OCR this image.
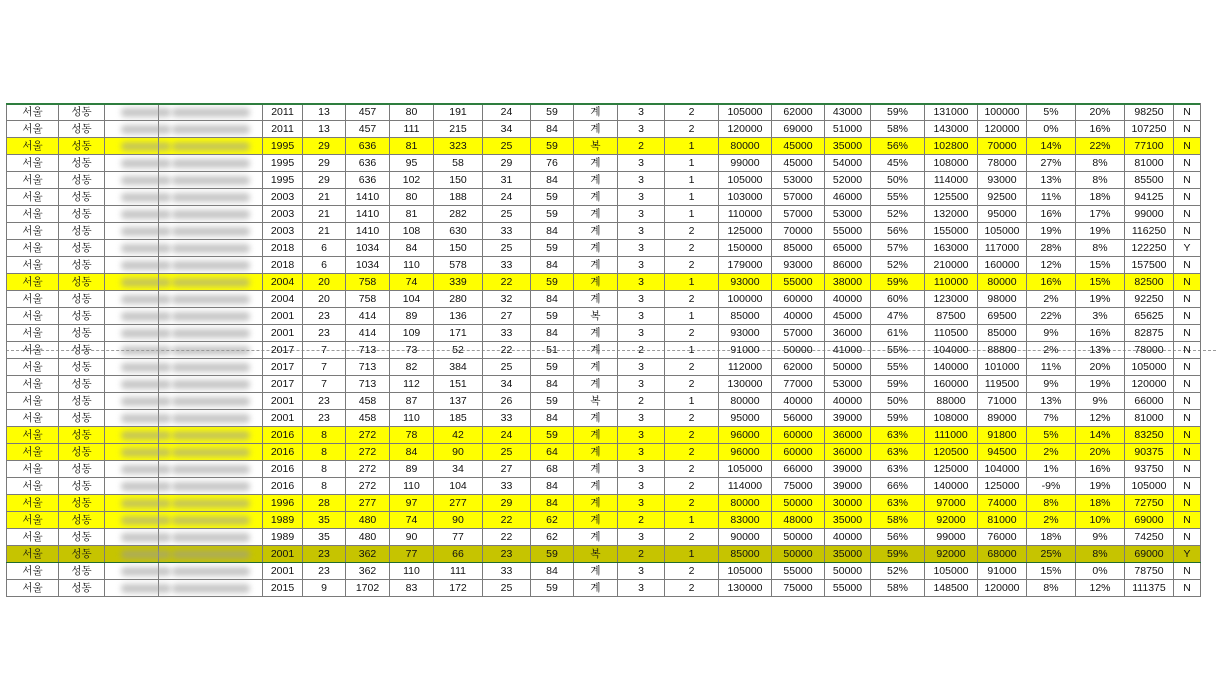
서울	성동			2011	13	457	80	191	24	59	계	3	2	105000	62000	43000	59%	131000	100000	5%	20%	98250	N
서울	성동			2011	13	457	111	215	34	84	계	3	2	120000	69000	51000	58%	143000	120000	0%	16%	107250	N
서울	성동			1995	29	636	81	323	25	59	복	2	1	80000	45000	35000	56%	102800	70000	14%	22%	77100	N
서울	성동			1995	29	636	95	58	29	76	계	3	1	99000	45000	54000	45%	108000	78000	27%	8%	81000	N
서울	성동			1995	29	636	102	150	31	84	계	3	1	105000	53000	52000	50%	114000	93000	13%	8%	85500	N
서울	성동			2003	21	1410	80	188	24	59	계	3	1	103000	57000	46000	55%	125500	92500	11%	18%	94125	N
서울	성동			2003	21	1410	81	282	25	59	계	3	1	110000	57000	53000	52%	132000	95000	16%	17%	99000	N
서울	성동			2003	21	1410	108	630	33	84	계	3	2	125000	70000	55000	56%	155000	105000	19%	19%	116250	N
서울	성동			2018	6	1034	84	150	25	59	계	3	2	150000	85000	65000	57%	163000	117000	28%	8%	122250	Y
서울	성동			2018	6	1034	110	578	33	84	계	3	2	179000	93000	86000	52%	210000	160000	12%	15%	157500	N
서울	성동			2004	20	758	74	339	22	59	계	3	1	93000	55000	38000	59%	110000	80000	16%	15%	82500	N
서울	성동			2004	20	758	104	280	32	84	계	3	2	100000	60000	40000	60%	123000	98000	2%	19%	92250	N
서울	성동			2001	23	414	89	136	27	59	복	3	1	85000	40000	45000	47%	87500	69500	22%	3%	65625	N
서울	성동			2001	23	414	109	171	33	84	계	3	2	93000	57000	36000	61%	110500	85000	9%	16%	82875	N
서울	성동			2017	7	713	73	52	22	51	계	2	1	91000	50000	41000	55%	104000	88800	2%	13%	78000	N
서울	성동			2017	7	713	82	384	25	59	계	3	2	112000	62000	50000	55%	140000	101000	11%	20%	105000	N
서울	성동			2017	7	713	112	151	34	84	계	3	2	130000	77000	53000	59%	160000	119500	9%	19%	120000	N
서울	성동			2001	23	458	87	137	26	59	복	2	1	80000	40000	40000	50%	88000	71000	13%	9%	66000	N
서울	성동			2001	23	458	110	185	33	84	계	3	2	95000	56000	39000	59%	108000	89000	7%	12%	81000	N
서울	성동			2016	8	272	78	42	24	59	계	3	2	96000	60000	36000	63%	111000	91800	5%	14%	83250	N
서울	성동			2016	8	272	84	90	25	64	계	3	2	96000	60000	36000	63%	120500	94500	2%	20%	90375	N
서울	성동			2016	8	272	89	34	27	68	계	3	2	105000	66000	39000	63%	125000	104000	1%	16%	93750	N
서울	성동			2016	8	272	110	104	33	84	계	3	2	114000	75000	39000	66%	140000	125000	-9%	19%	105000	N
서울	성동			1996	28	277	97	277	29	84	계	3	2	80000	50000	30000	63%	97000	74000	8%	18%	72750	N
서울	성동			1989	35	480	74	90	22	62	계	2	1	83000	48000	35000	58%	92000	81000	2%	10%	69000	N
서울	성동			1989	35	480	90	77	22	62	계	3	2	90000	50000	40000	56%	99000	76000	18%	9%	74250	N
서울	성동			2001	23	362	77	66	23	59	복	2	1	85000	50000	35000	59%	92000	68000	25%	8%	69000	Y
서울	성동			2001	23	362	110	111	33	84	계	3	2	105000	55000	50000	52%	105000	91000	15%	0%	78750	N
서울	성동			2015	9	1702	83	172	25	59	계	3	2	130000	75000	55000	58%	148500	120000	8%	12%	111375	N
